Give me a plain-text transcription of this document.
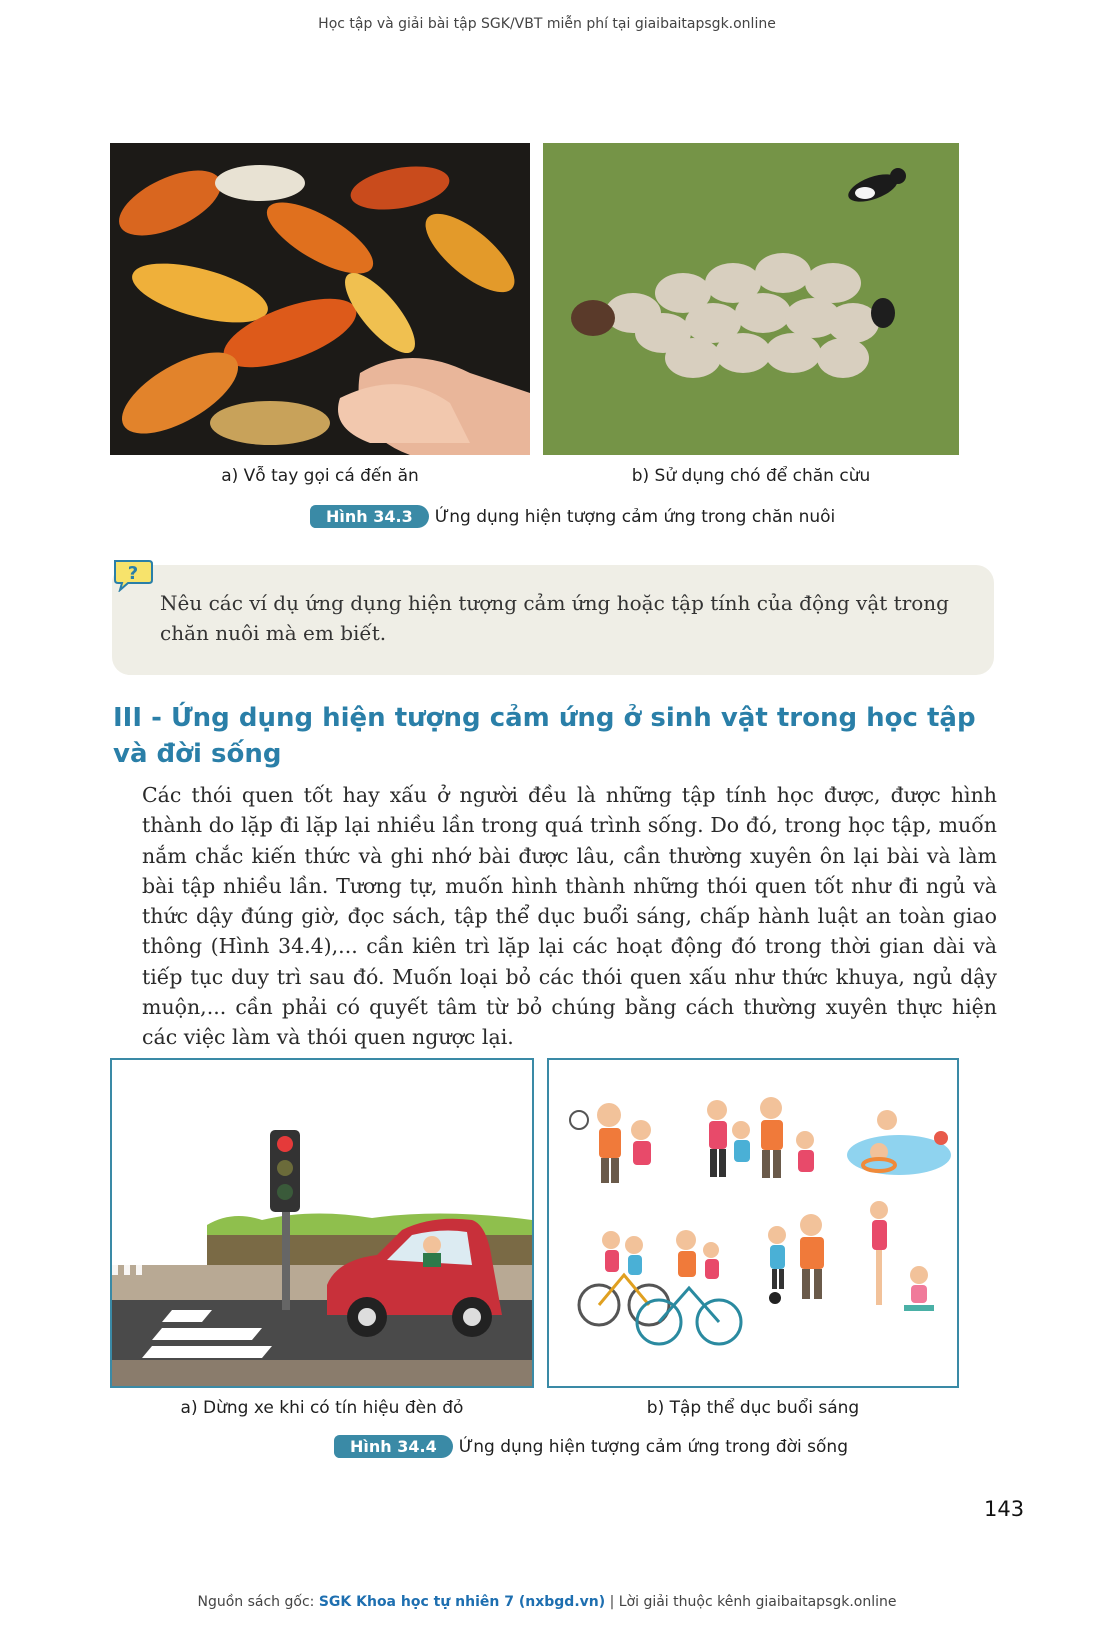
Học tập và giải bài tập SGK/VBT miễn phí tại giaibaitapsgk.online
a) Vỗ tay gọi cá đến ăn	b) Sử dụng chó để chăn cừu
Hình 34.3	Ứng dụng hiện tượng cảm ứng trong chăn nuôi
?
Nêu các ví dụ ứng dụng hiện tượng cảm ứng hoặc tập tính của động vật trong chăn nuôi mà em biết.
III - Ứng dụng hiện tượng cảm ứng ở sinh vật trong học tập và đời sống
Các thói quen tốt hay xấu ở người đều là những tập tính học được, được hình thành do lặp đi lặp lại nhiều lần trong quá trình sống. Do đó, trong học tập, muốn nắm chắc kiến thức và ghi nhớ bài được lâu, cần thường xuyên ôn lại bài và làm bài tập nhiều lần. Tương tự, muốn hình thành những thói quen tốt như đi ngủ và thức dậy đúng giờ, đọc sách, tập thể dục buổi sáng, chấp hành luật an toàn giao thông (Hình 34.4),... cần kiên trì lặp lại các hoạt động đó trong thời gian dài và tiếp tục duy trì sau đó. Muốn loại bỏ các thói quen xấu như thức khuya, ngủ dậy muộn,... cần phải có quyết tâm từ bỏ chúng bằng cách thường xuyên thực hiện các việc làm và thói quen ngược lại.
a) Dừng xe khi có tín hiệu đèn đỏ	b) Tập thể dục buổi sáng
Hình 34.4	Ứng dụng hiện tượng cảm ứng trong đời sống
143
Nguồn sách gốc: SGK Khoa học tự nhiên 7 (nxbgd.vn) | Lời giải thuộc kênh giaibaitapsgk.online
